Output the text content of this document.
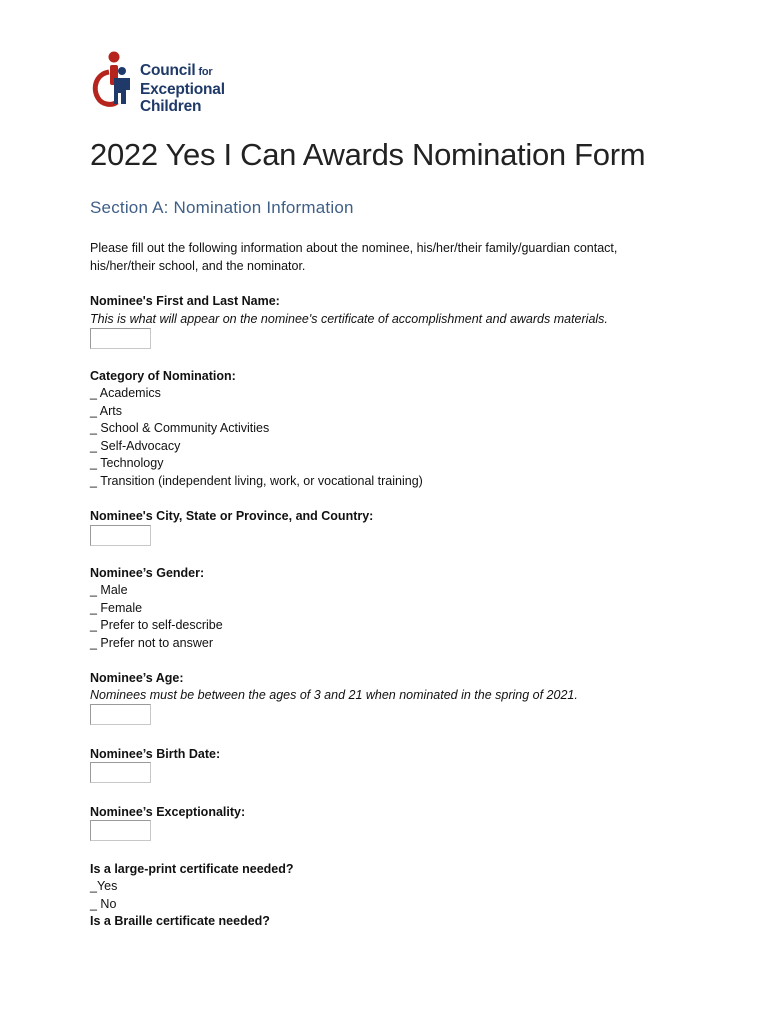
Council for
Exceptional
Children
2022 Yes I Can Awards Nomination Form
Section A: Nomination Information
Please fill out the following information about the nominee, his/her/their family/guardian contact,
his/her/their school, and the nominator.
Nominee's First and Last Name:
This is what will appear on the nominee's certificate of accomplishment and awards materials.
Category of Nomination:
_ Academics
_ Arts
_ School & Community Activities
_ Self-Advocacy
_ Technology
_ Transition (independent living, work, or vocational training)
Nominee's City, State or Province, and Country:
Nominee’s Gender:
_ Male
_ Female
_ Prefer to self-describe
_ Prefer not to answer
Nominee’s Age:
Nominees must be between the ages of 3 and 21 when nominated in the spring of 2021.
Nominee’s Birth Date:
Nominee’s Exceptionality:
Is a large-print certificate needed?
_Yes
_ No
Is a Braille certificate needed?
